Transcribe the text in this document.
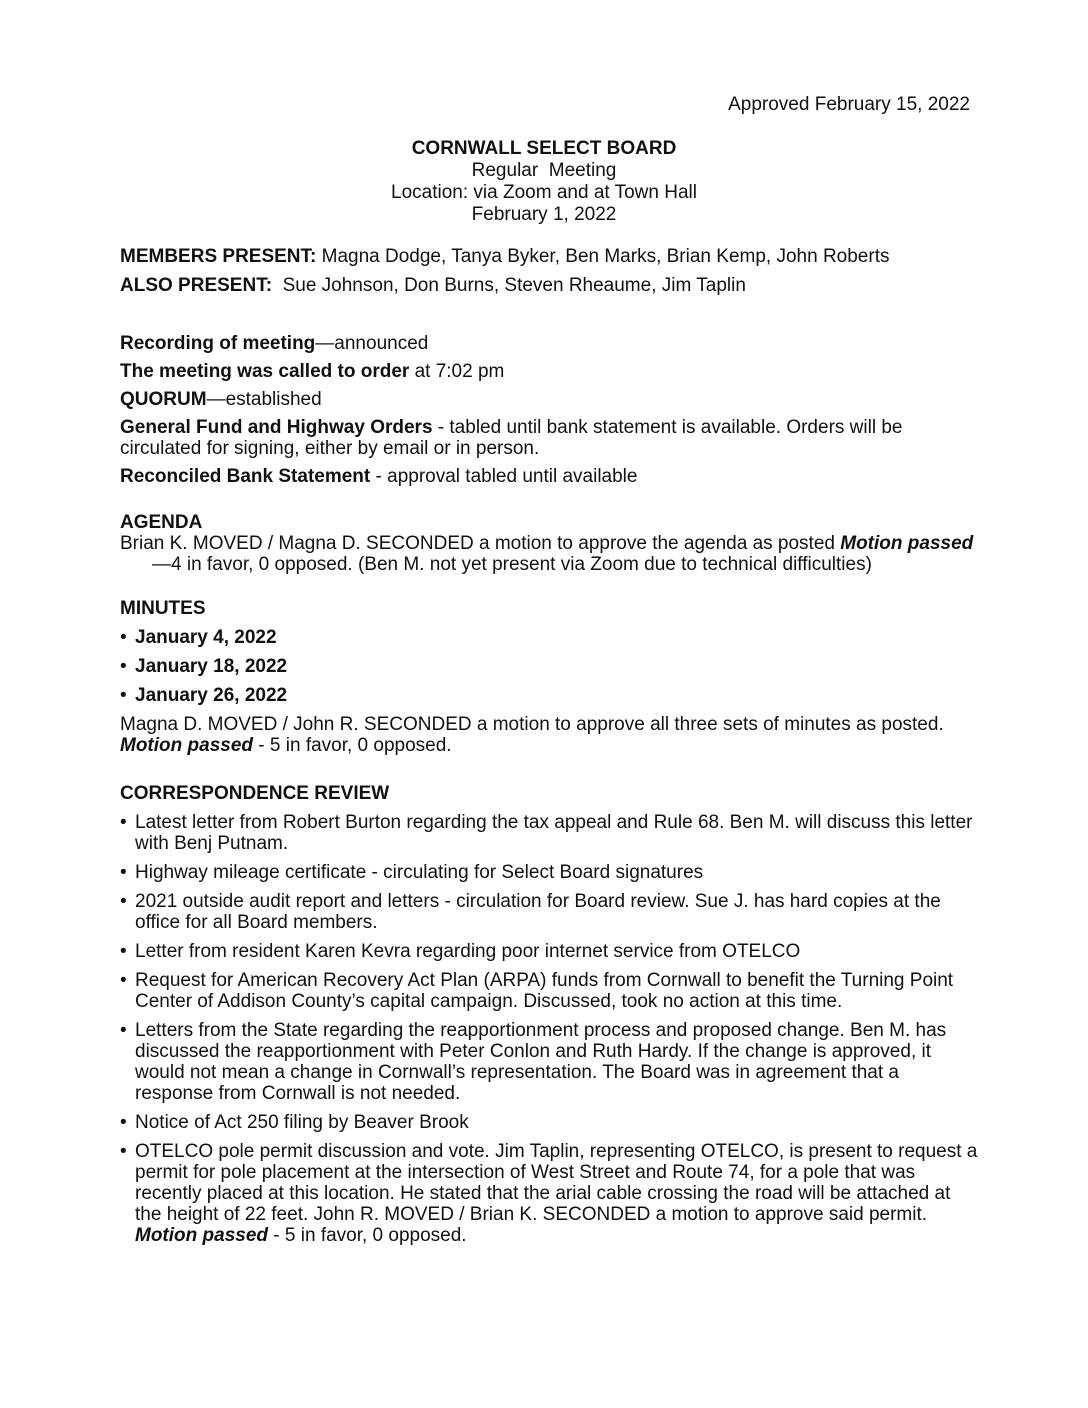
Approved February 15, 2022
CORNWALL SELECT BOARD
Regular  Meeting
Location: via Zoom and at Town Hall
February 1, 2022

MEMBERS PRESENT: Magna Dodge, Tanya Byker, Ben Marks, Brian Kemp, John Roberts

ALSO PRESENT:  Sue Johnson, Don Burns, Steven Rheaume, Jim Taplin

Recording of meeting—announced

The meeting was called to order at 7:02 pm

QUORUM—established

General Fund and Highway Orders - tabled until bank statement is available. Orders will be circulated for signing, either by email or in person.

Reconciled Bank Statement - approval tabled until available

AGENDA

Brian K. MOVED / Magna D. SECONDED a motion to approve the agenda as posted Motion passed—4 in favor, 0 opposed. (Ben M. not yet present via Zoom due to technical difficulties)

MINUTES

• January 4, 2022
• January 18, 2022
• January 26, 2022

Magna D. MOVED / John R. SECONDED a motion to approve all three sets of minutes as posted. Motion passed - 5 in favor, 0 opposed.

CORRESPONDENCE REVIEW

• Latest letter from Robert Burton regarding the tax appeal and Rule 68. Ben M. will discuss this letter with Benj Putnam.
• Highway mileage certificate - circulating for Select Board signatures
• 2021 outside audit report and letters - circulation for Board review. Sue J. has hard copies at the office for all Board members.
• Letter from resident Karen Kevra regarding poor internet service from OTELCO
• Request for American Recovery Act Plan (ARPA) funds from Cornwall to benefit the Turning Point Center of Addison County’s capital campaign. Discussed, took no action at this time.
• Letters from the State regarding the reapportionment process and proposed change. Ben M. has discussed the reapportionment with Peter Conlon and Ruth Hardy. If the change is approved, it would not mean a change in Cornwall’s representation. The Board was in agreement that a response from Cornwall is not needed.
• Notice of Act 250 filing by Beaver Brook
• OTELCO pole permit discussion and vote. Jim Taplin, representing OTELCO, is present to request a permit for pole placement at the intersection of West Street and Route 74, for a pole that was recently placed at this location. He stated that the arial cable crossing the road will be attached at the height of 22 feet. John R. MOVED / Brian K. SECONDED a motion to approve said permit. Motion passed - 5 in favor, 0 opposed.
